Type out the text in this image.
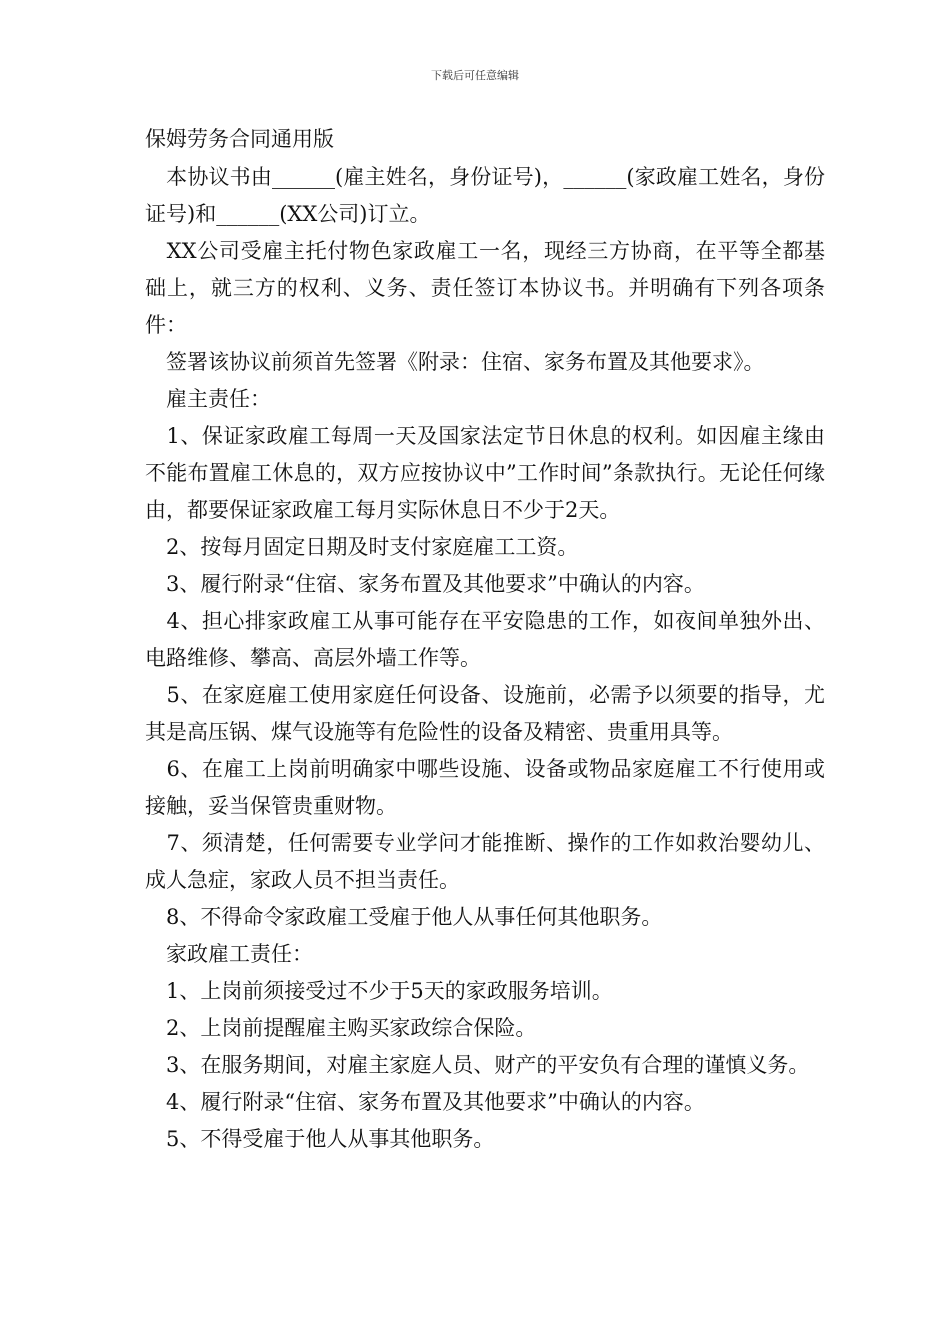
下载后可任意编辑
保姆劳务合同通用版

　本协议书由______(雇主姓名，身份证号)，______(家政雇工姓名，身份证号)和______(XX公司)订立。

　XX公司受雇主托付物色家政雇工一名，现经三方协商，在平等全都基础上，就三方的权利、义务、责任签订本协议书。并明确有下列各项条件：

　签署该协议前须首先签署《附录：住宿、家务布置及其他要求》。

　雇主责任：

　1、保证家政雇工每周一天及国家法定节日休息的权利。如因雇主缘由不能布置雇工休息的，双方应按协议中”工作时间”条款执行。无论任何缘由，都要保证家政雇工每月实际休息日不少于2天。

　2、按每月固定日期及时支付家庭雇工工资。

　3、履行附录“住宿、家务布置及其他要求”中确认的内容。

　4、担心排家政雇工从事可能存在平安隐患的工作，如夜间单独外出、电路维修、攀高、高层外墙工作等。

　5、在家庭雇工使用家庭任何设备、设施前，必需予以须要的指导，尤其是高压锅、煤气设施等有危险性的设备及精密、贵重用具等。

　6、在雇工上岗前明确家中哪些设施、设备或物品家庭雇工不行使用或接触，妥当保管贵重财物。

　7、须清楚，任何需要专业学问才能推断、操作的工作如救治婴幼儿、成人急症，家政人员不担当责任。

　8、不得命令家政雇工受雇于他人从事任何其他职务。

　家政雇工责任：

　1、上岗前须接受过不少于5天的家政服务培训。

　2、上岗前提醒雇主购买家政综合保险。

　3、在服务期间，对雇主家庭人员、财产的平安负有合理的谨慎义务。

　4、履行附录“住宿、家务布置及其他要求”中确认的内容。

　5、不得受雇于他人从事其他职务。
